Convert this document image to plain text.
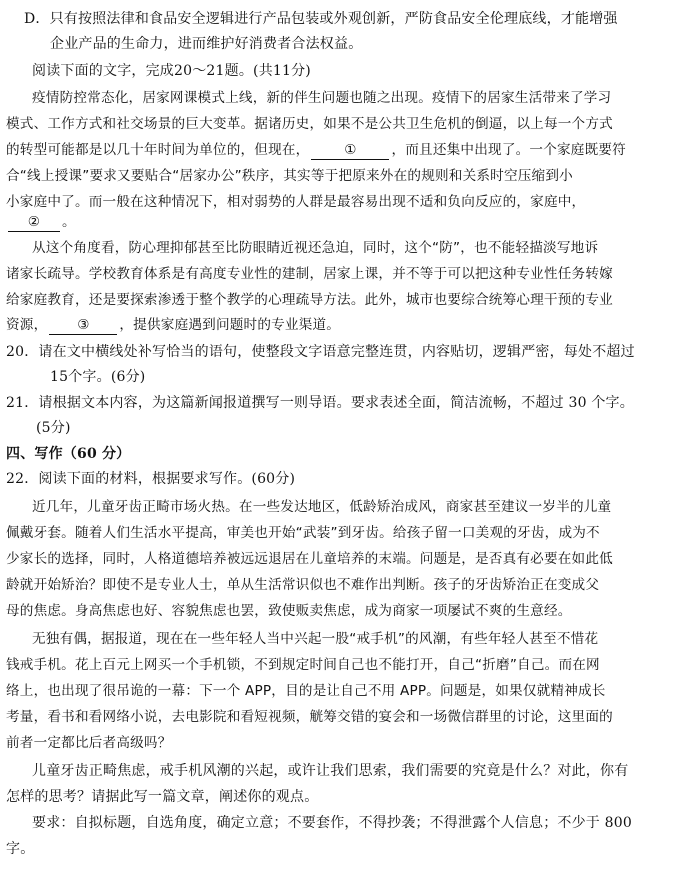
D．只有按照法律和食品安全逻辑进行产品包装或外观创新，严防食品安全伦理底线，才能增强
企业产品的生命力，进而维护好消费者合法权益。
阅读下面的文字，完成20～21题。(共11分)
疫情防控常态化，居家网课模式上线，新的伴生问题也随之出现。疫情下的居家生活带来了学习
模式、工作方式和社交场景的巨大变革。据诸历史，如果不是公共卫生危机的倒逼，以上每一个方式
的转型可能都是以几十年时间为单位的，但现在，	①	，而且还集中出现了。一个家庭既要符
合“线上授课”要求又要贴合“居家办公”秩序，其实等于把原来外在的规则和关系时空压缩到小
小家庭中了。而一般在这种情况下，相对弱势的人群是最容易出现不适和负向反应的，家庭中，
② 。
从这个角度看，防心理抑郁甚至比防眼睛近视还急迫，同时，这个“防”，也不能轻描淡写地诉
诸家长疏导。学校教育体系是有高度专业性的建制，居家上课，并不等于可以把这种专业性任务转嫁
给家庭教育，还是要探索渗透于整个教学的心理疏导方法。此外，城市也要综合统筹心理干预的专业
资源， ③ ，提供家庭遇到问题时的专业渠道。
20．请在文中横线处补写恰当的语句，使整段文字语意完整连贯，内容贴切，逻辑严密，每处不超过
15个字。(6分)
21．请根据文本内容，为这篇新闻报道撰写一则导语。要求表述全面，简洁流畅，不超过 30 个字。
(5分)
四、写作（60 分）
22．阅读下面的材料，根据要求写作。(60分)
近几年，儿童牙齿正畸市场火热。在一些发达地区，低龄矫治成风，商家甚至建议一岁半的儿童
佩戴牙套。随着人们生活水平提高，审美也开始“武装”到牙齿。给孩子留一口美观的牙齿，成为不
少家长的选择，同时，人格道德培养被远远退居在儿童培养的末端。问题是，是否真有必要在如此低
龄就开始矫治？即使不是专业人士，单从生活常识似也不难作出判断。孩子的牙齿矫治正在变成父
母的焦虑。身高焦虑也好、容貌焦虑也罢，致使贩卖焦虑，成为商家一项屡试不爽的生意经。
无独有偶，据报道，现在在一些年轻人当中兴起一股“戒手机”的风潮，有些年轻人甚至不惜花
钱戒手机。花上百元上网买一个手机锁，不到规定时间自己也不能打开，自己“折磨”自己。而在网
络上，也出现了很吊诡的一幕：下一个 APP，目的是让自己不用 APP。问题是，如果仅就精神成长
考量，看书和看网络小说，去电影院和看短视频，觥筹交错的宴会和一场微信群里的讨论，这里面的
前者一定都比后者高级吗？
儿童牙齿正畸焦虑，戒手机风潮的兴起，或许让我们思索，我们需要的究竟是什么？对此，你有
怎样的思考？请据此写一篇文章，阐述你的观点。
要求：自拟标题，自选角度，确定立意；不要套作，不得抄袭；不得泄露个人信息；不少于 800
字。
